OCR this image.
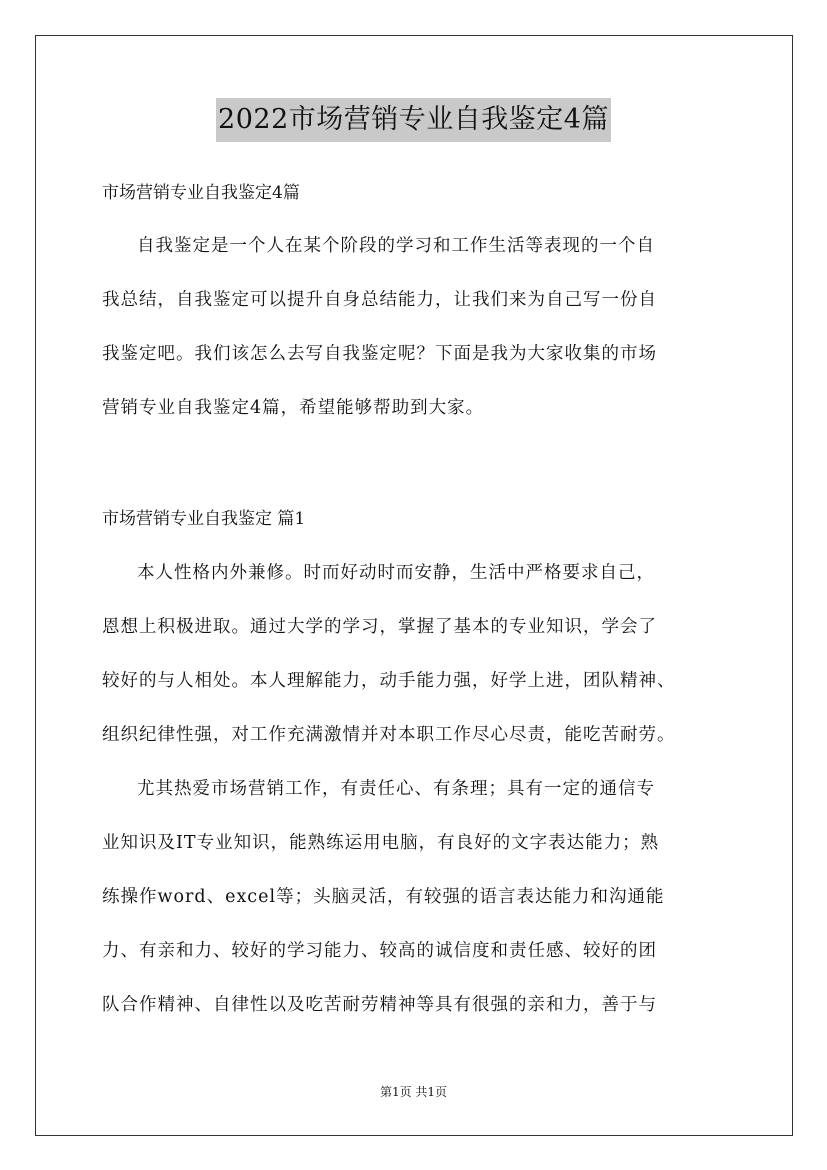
2022市场营销专业自我鉴定4篇
市场营销专业自我鉴定4篇
自我鉴定是一个人在某个阶段的学习和工作生活等表现的一个自
我总结，自我鉴定可以提升自身总结能力，让我们来为自己写一份自
我鉴定吧。我们该怎么去写自我鉴定呢？下面是我为大家收集的市场
营销专业自我鉴定4篇，希望能够帮助到大家。
市场营销专业自我鉴定 篇1
本人性格内外兼修。时而好动时而安静，生活中严格要求自己，
恩想上积极进取。通过大学的学习，掌握了基本的专业知识，学会了
较好的与人相处。本人理解能力，动手能力强，好学上进，团队精神、
组织纪律性强，对工作充满激情并对本职工作尽心尽责，能吃苦耐劳。
尤其热爱市场营销工作，有责任心、有条理；具有一定的通信专
业知识及IT专业知识，能熟练运用电脑，有良好的文字表达能力；熟
练操作word、excel等；头脑灵活，有较强的语言表达能力和沟通能
力、有亲和力、较好的学习能力、较高的诚信度和责任感、较好的团
队合作精神、自律性以及吃苦耐劳精神等具有很强的亲和力，善于与
第1页 共1页
